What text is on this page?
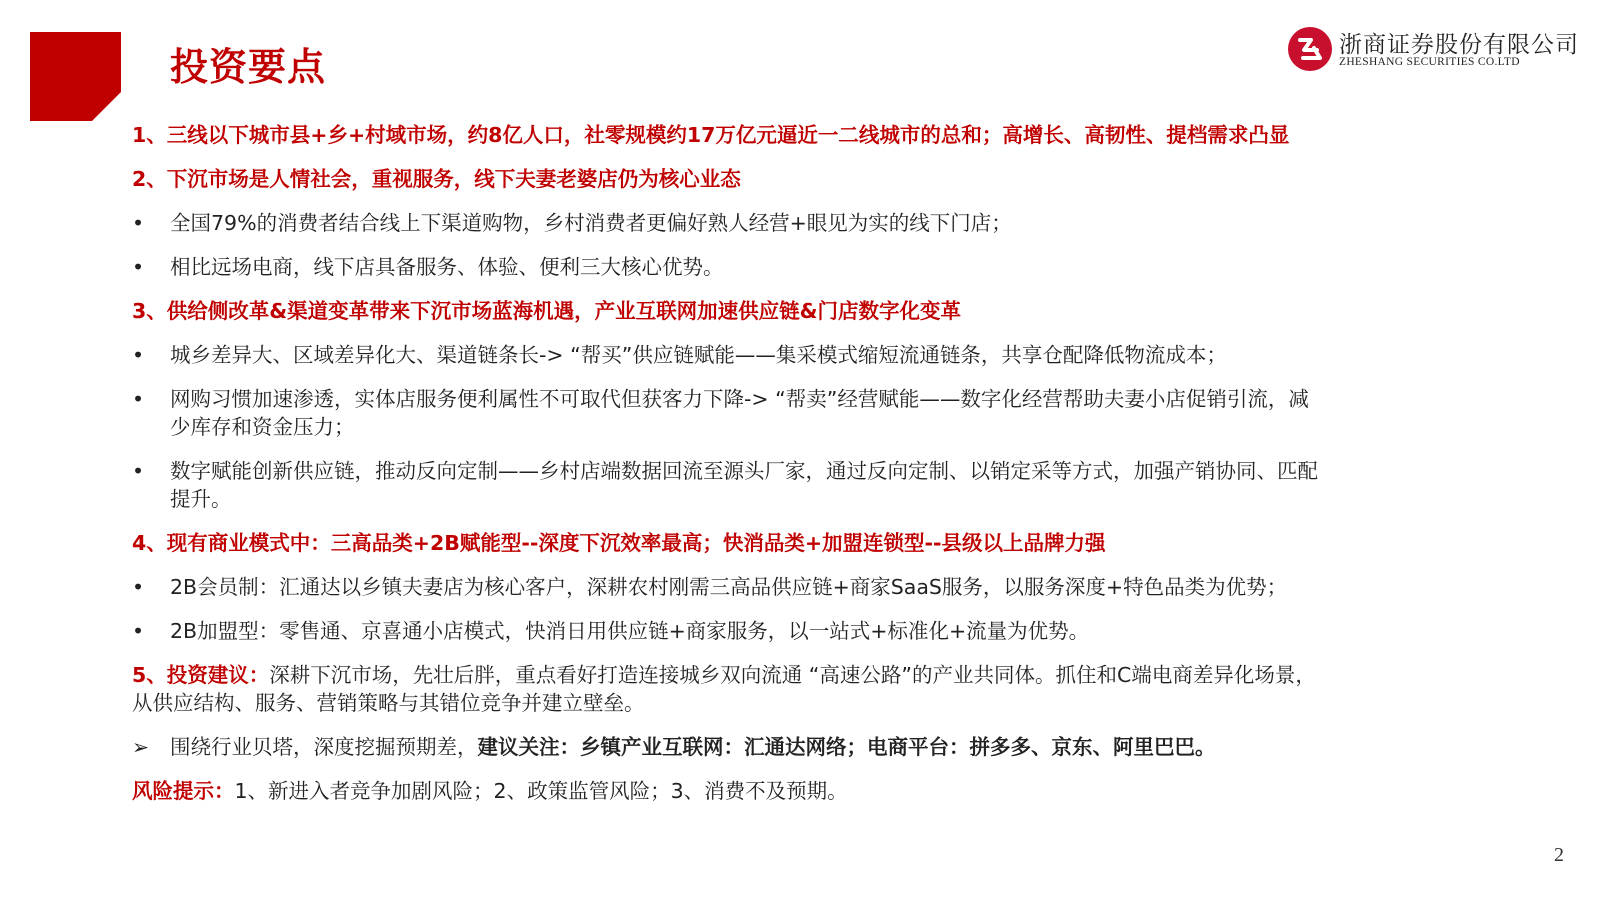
投资要点	浙商证券股份有限公司
ZHESHANG SECURITIES CO.LTD

1、三线以下城市县+乡+村域市场，约8亿人口，社零规模约17万亿元逼近一二线城市的总和；高增长、高韧性、提档需求凸显

2、下沉市场是人情社会，重视服务，线下夫妻老婆店仍为核心业态

•	全国79%的消费者结合线上下渠道购物，乡村消费者更偏好熟人经营+眼见为实的线下门店；
•	相比远场电商，线下店具备服务、体验、便利三大核心优势。

3、供给侧改革&渠道变革带来下沉市场蓝海机遇，产业互联网加速供应链&门店数字化变革

•	城乡差异大、区域差异化大、渠道链条长-> “帮买”供应链赋能——集采模式缩短流通链条，共享仓配降低物流成本；
•	网购习惯加速渗透，实体店服务便利属性不可取代但获客力下降-> “帮卖”经营赋能——数字化经营帮助夫妻小店促销引流，减
少库存和资金压力；
•	数字赋能创新供应链，推动反向定制——乡村店端数据回流至源头厂家，通过反向定制、以销定采等方式，加强产销协同、匹配
提升。

4、现有商业模式中：三高品类+2B赋能型--深度下沉效率最高；快消品类+加盟连锁型--县级以上品牌力强

•	2B会员制：汇通达以乡镇夫妻店为核心客户，深耕农村刚需三高品供应链+商家SaaS服务，以服务深度+特色品类为优势；
•	2B加盟型：零售通、京喜通小店模式，快消日用供应链+商家服务，以一站式+标准化+流量为优势。
5、投资建议：深耕下沉市场，先壮后胖，重点看好打造连接城乡双向流通 “高速公路”的产业共同体。抓住和C端电商差异化场景，
从供应结构、服务、营销策略与其错位竞争并建立壁垒。
➢ 围绕行业贝塔，深度挖掘预期差，建议关注：乡镇产业互联网：汇通达网络；电商平台：拼多多、京东、阿里巴巴。
风险提示：1、新进入者竞争加剧风险；2、政策监管风险；3、消费不及预期。
2
